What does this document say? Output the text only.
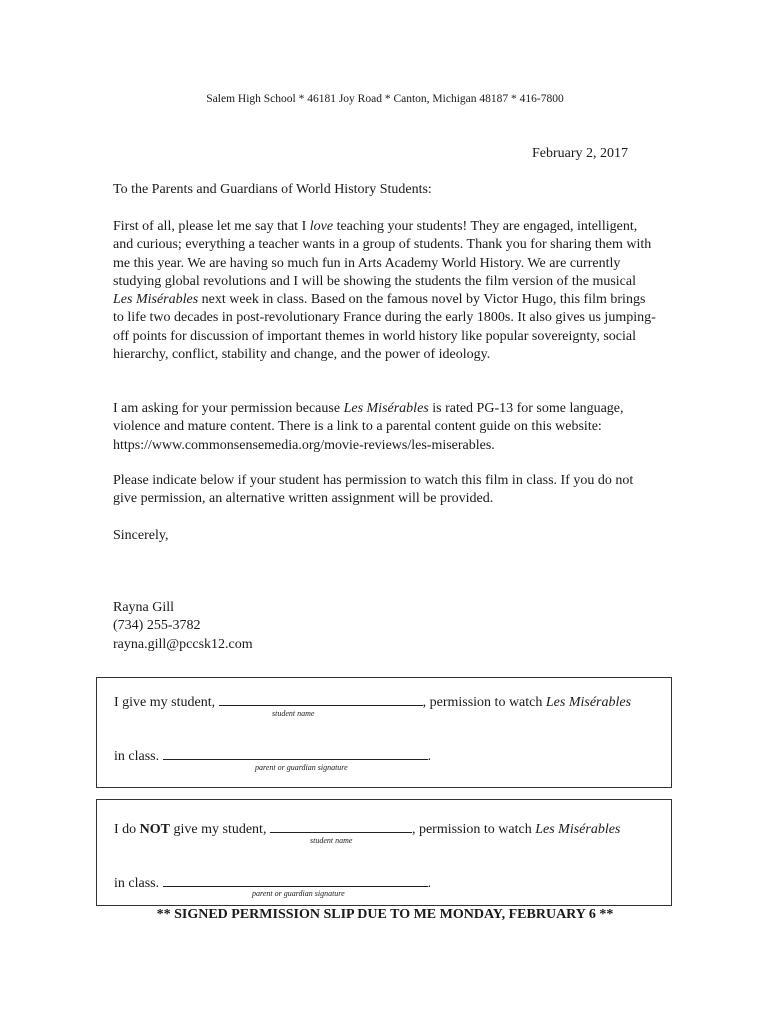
Salem High School * 46181 Joy Road * Canton, Michigan 48187 * 416-7800
February 2, 2017
To the Parents and Guardians of World History Students:
First of all, please let me say that I love teaching your students! They are engaged, intelligent, and curious; everything a teacher wants in a group of students. Thank you for sharing them with me this year. We are having so much fun in Arts Academy World History. We are currently studying global revolutions and I will be showing the students the film version of the musical Les Misérables next week in class. Based on the famous novel by Victor Hugo, this film brings to life two decades in post-revolutionary France during the early 1800s. It also gives us jumping-off points for discussion of important themes in world history like popular sovereignty, social hierarchy, conflict, stability and change, and the power of ideology.
I am asking for your permission because Les Misérables is rated PG-13 for some language, violence and mature content. There is a link to a parental content guide on this website: https://www.commonsensemedia.org/movie-reviews/les-miserables.
Please indicate below if your student has permission to watch this film in class. If you do not give permission, an alternative written assignment will be provided.
Sincerely,
Rayna Gill
(734) 255-3782
rayna.gill@pccsk12.com
I give my student,	, permission to watch Les Misérables
student name
in class.	.
parent or guardian signature
I do NOT give my student,	, permission to watch Les Misérables
student name
in class.	.
parent or guardian signature
** SIGNED PERMISSION SLIP DUE TO ME MONDAY, FEBRUARY 6 **
